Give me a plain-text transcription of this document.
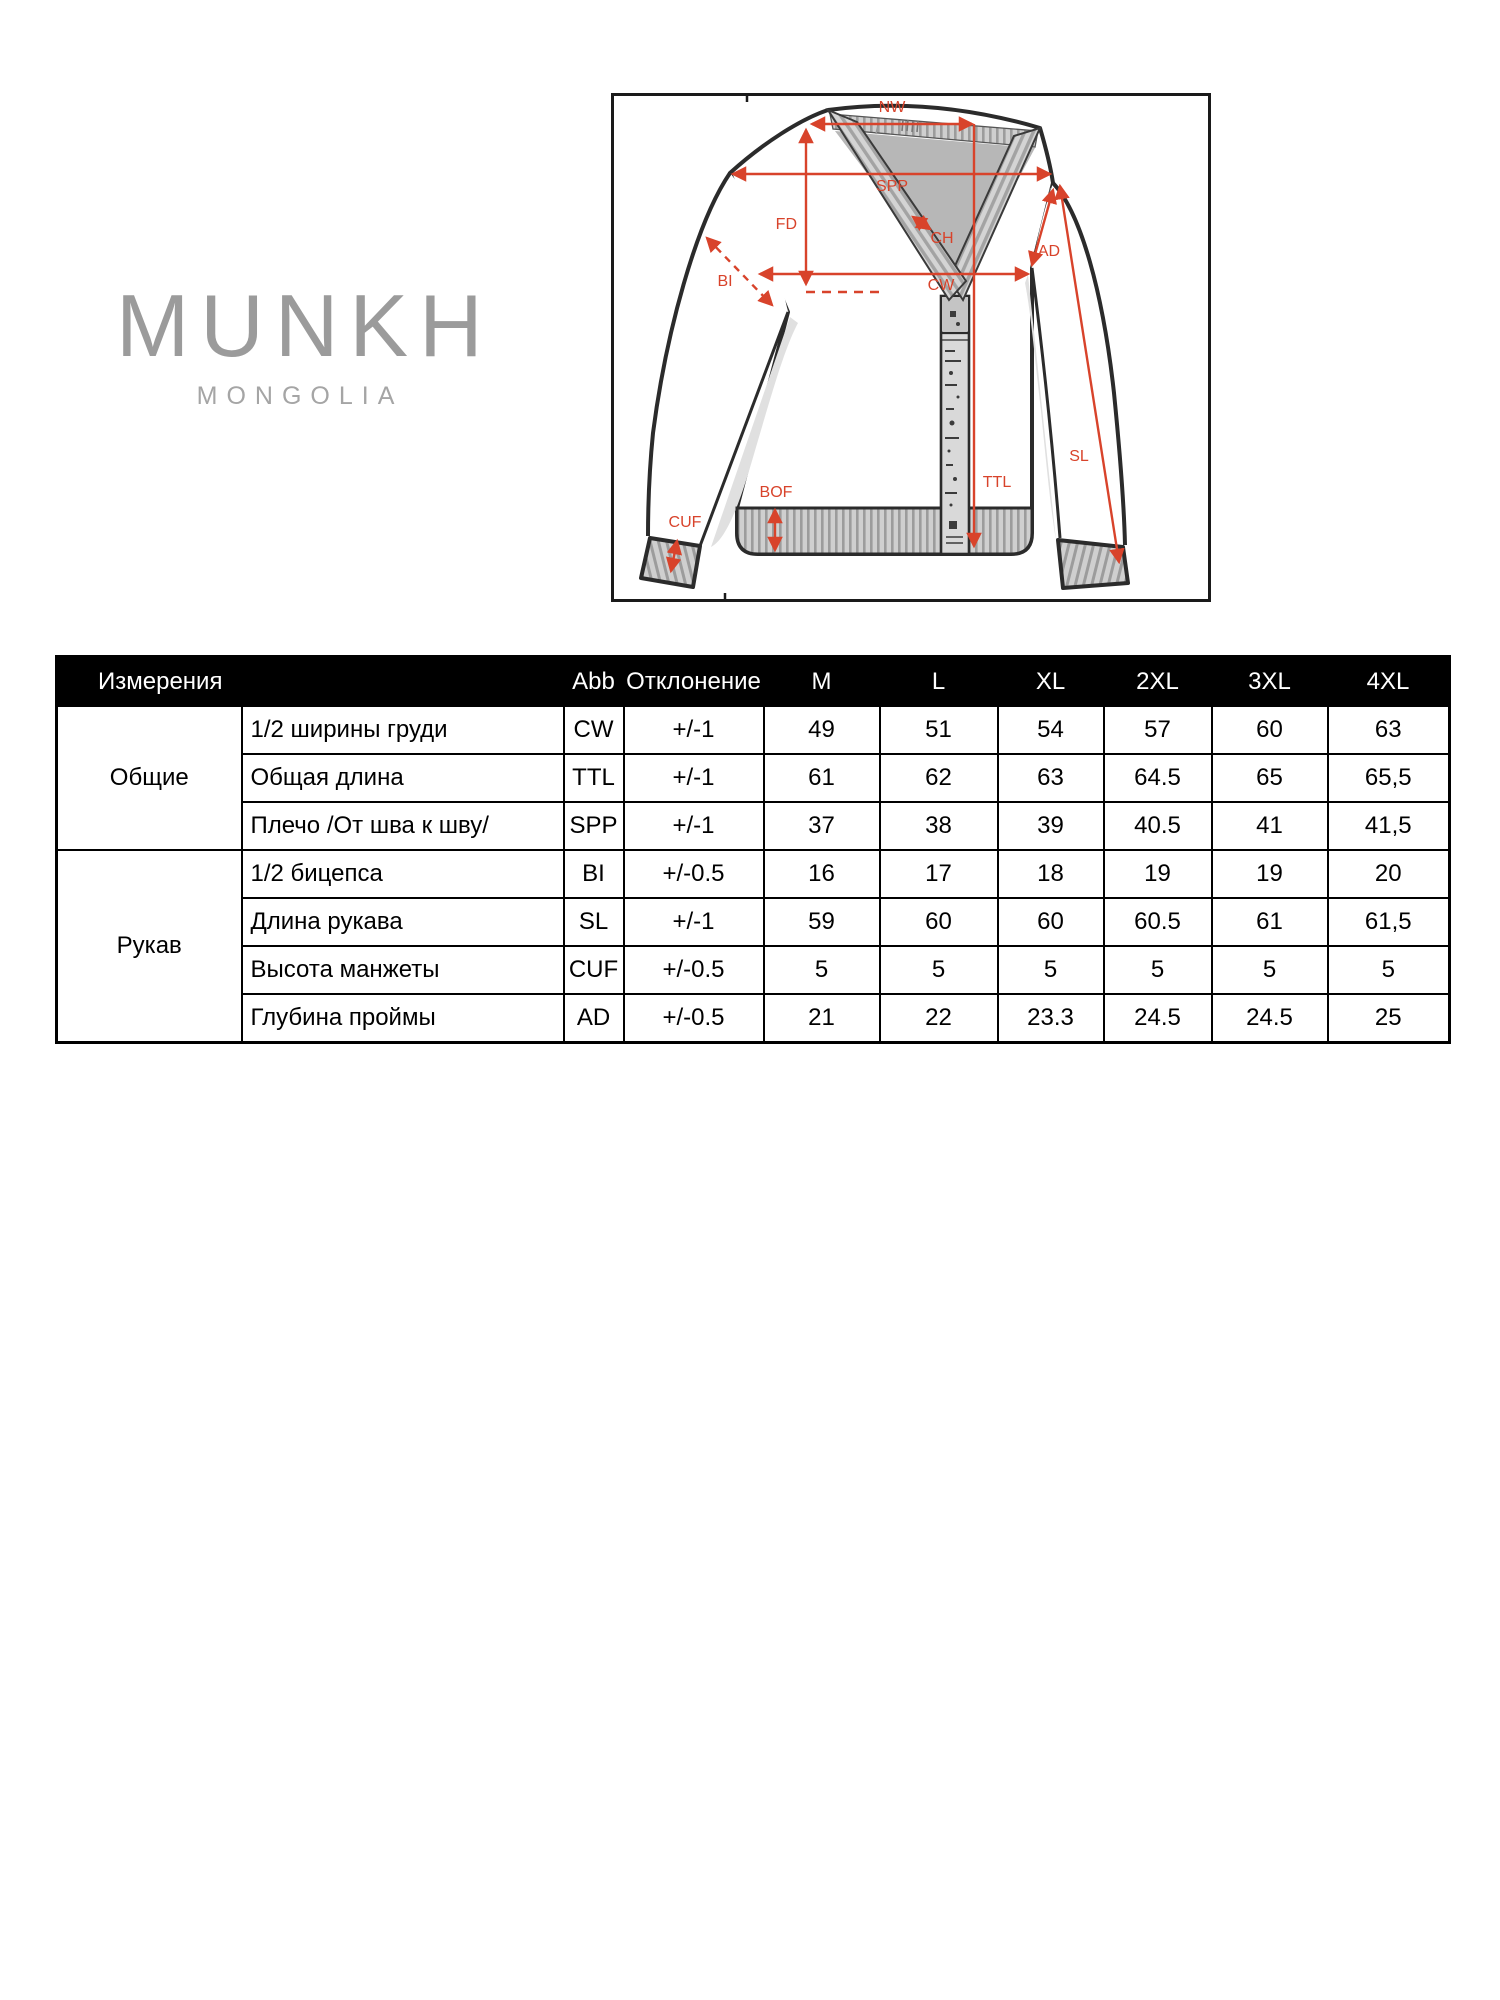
MUNKH
MONGOLIA
NW
SPP
FD
CH
BI	CW
AD
SL
TTL
BOF
CUF
Измерения		Abb	Отклонение	M	L	XL	2XL	3XL	4XL
Общие	1/2 ширины груди	CW	+/-1	49	51	54	57	60	63
	Общая длина	TTL	+/-1	61	62	63	64.5	65	65,5
	Плечо /От шва к шву/	SPP	+/-1	37	38	39	40.5	41	41,5
Рукав	1/2 бицепса	BI	+/-0.5	16	17	18	19	19	20
	Длина рукава	SL	+/-1	59	60	60	60.5	61	61,5
	Высота манжеты	CUF	+/-0.5	5	5	5	5	5	5
	Глубина проймы	AD	+/-0.5	21	22	23.3	24.5	24.5	25
